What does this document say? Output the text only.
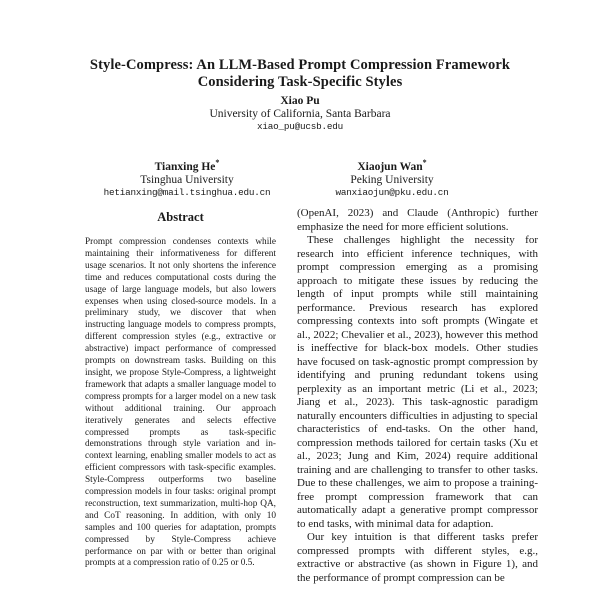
Style-Compress: An LLM-Based Prompt Compression Framework
Considering Task-Specific Styles
Xiao Pu
University of California, Santa Barbara
xiao_pu@ucsb.edu
Tianxing He*
Tsinghua University
hetianxing@mail.tsinghua.edu.cn
Xiaojun Wan*
Peking University
wanxiaojun@pku.edu.cn
Abstract

Prompt compression condenses contexts while maintaining their informativeness for different usage scenarios. It not only shortens the inference time and reduces computational costs during the usage of large language models, but also lowers expenses when using closed-source models. In a preliminary study, we discover that when instructing language models to compress prompts, different compression styles (e.g., extractive or abstractive) impact performance of compressed prompts on downstream tasks. Building on this insight, we propose Style-Compress, a lightweight framework that adapts a smaller language model to compress prompts for a larger model on a new task without additional training. Our approach iteratively generates and selects effective compressed prompts as task-specific demonstrations through style variation and in-context learning, enabling smaller models to act as efficient compressors with task-specific examples. Style-Compress outperforms two baseline compression models in four tasks: original prompt reconstruction, text summarization, multi-hop QA, and CoT reasoning. In addition, with only 10 samples and 100 queries for adaptation, prompts compressed by Style-Compress achieve performance on par with or better than original prompts at a compression ratio of 0.25 or 0.5.

(OpenAI, 2023) and Claude (Anthropic) further emphasize the need for more efficient solutions.

These challenges highlight the necessity for research into efficient inference techniques, with prompt compression emerging as a promising approach to mitigate these issues by reducing the length of input prompts while still maintaining performance. Previous research has explored compressing contexts into soft prompts (Wingate et al., 2022; Chevalier et al., 2023), however this method is ineffective for black-box models. Other studies have focused on task-agnostic prompt compression by identifying and pruning redundant tokens using perplexity as an important metric (Li et al., 2023; Jiang et al., 2023). This task-agnostic paradigm naturally encounters difficulties in adjusting to special characteristics of end-tasks. On the other hand, compression methods tailored for certain tasks (Xu et al., 2023; Jung and Kim, 2024) require additional training and are challenging to transfer to other tasks. Due to these challenges, we aim to propose a training-free prompt compression framework that can automatically adapt a generative prompt compressor to end tasks, with minimal data for adaption.

Our key intuition is that different tasks prefer compressed prompts with different styles, e.g., extractive or abstractive (as shown in Figure 1), and the performance of prompt compression can be
